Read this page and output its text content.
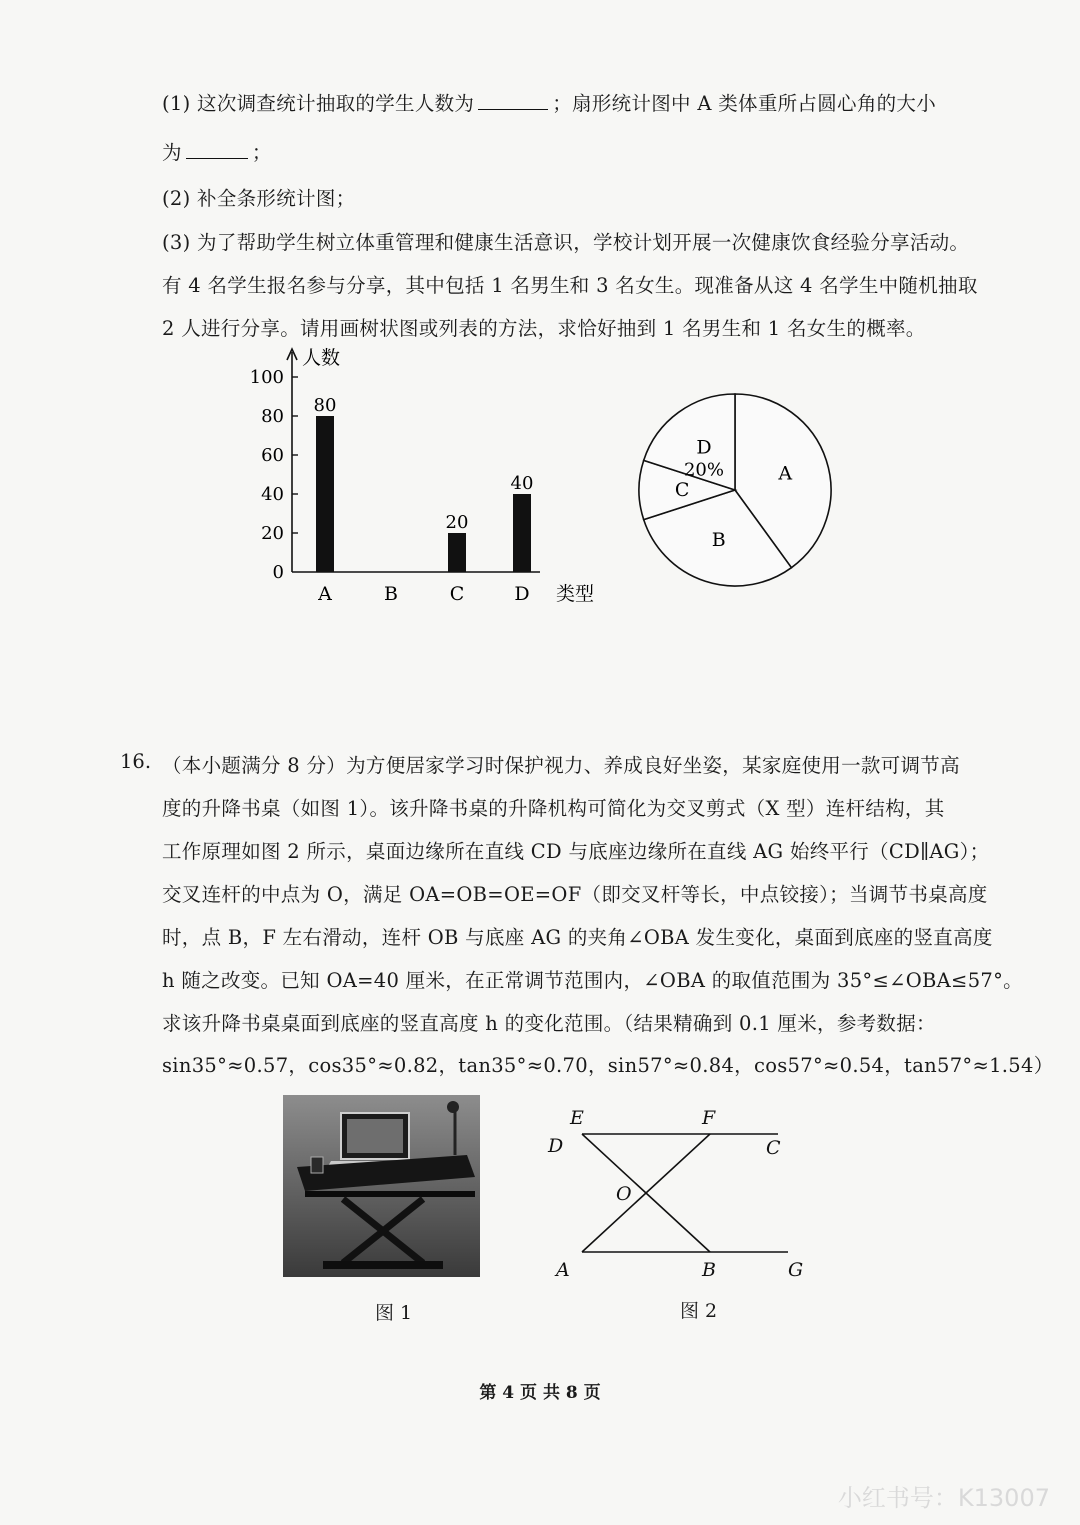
(1) 这次调查统计抽取的学生人数为	；扇形统计图中 A 类体重所占圆心角的大小
为	；
(2) 补全条形统计图；
(3) 为了帮助学生树立体重管理和健康生活意识，学校计划开展一次健康饮食经验分享活动。
有 4 名学生报名参与分享，其中包括 1 名男生和 3 名女生。现准备从这 4 名学生中随机抽取
2 人进行分享。请用画树状图或列表的方法，求恰好抽到 1 名男生和 1 名女生的概率。
0
20
40
60
80
100
80
20
40
A	B	C	D
人数
类型
A
B
C
D
20%
16. （本小题满分 8 分）为方便居家学习时保护视力、养成良好坐姿，某家庭使用一款可调节高
度的升降书桌（如图 1）。该升降书桌的升降机构可简化为交叉剪式（X 型）连杆结构，其
工作原理如图 2 所示，桌面边缘所在直线 CD 与底座边缘所在直线 AG 始终平行（CD∥AG）；
交叉连杆的中点为 O，满足 OA=OB=OE=OF（即交叉杆等长，中点铰接）；当调节书桌高度
时，点 B，F 左右滑动，连杆 OB 与底座 AG 的夹角∠OBA 发生变化，桌面到底座的竖直高度
h 随之改变。已知 OA=40 厘米，在正常调节范围内，∠OBA 的取值范围为 35°≤∠OBA≤57°。
求该升降书桌桌面到底座的竖直高度 h 的变化范围。（结果精确到 0.1 厘米，参考数据：
sin35°≈0.57，cos35°≈0.82，tan35°≈0.70，sin57°≈0.84，cos57°≈0.54，tan57°≈1.54）
图 1
E	F
D	C
O
A	B	G
图 2
第 4 页 共 8 页
小红书号：K13007
